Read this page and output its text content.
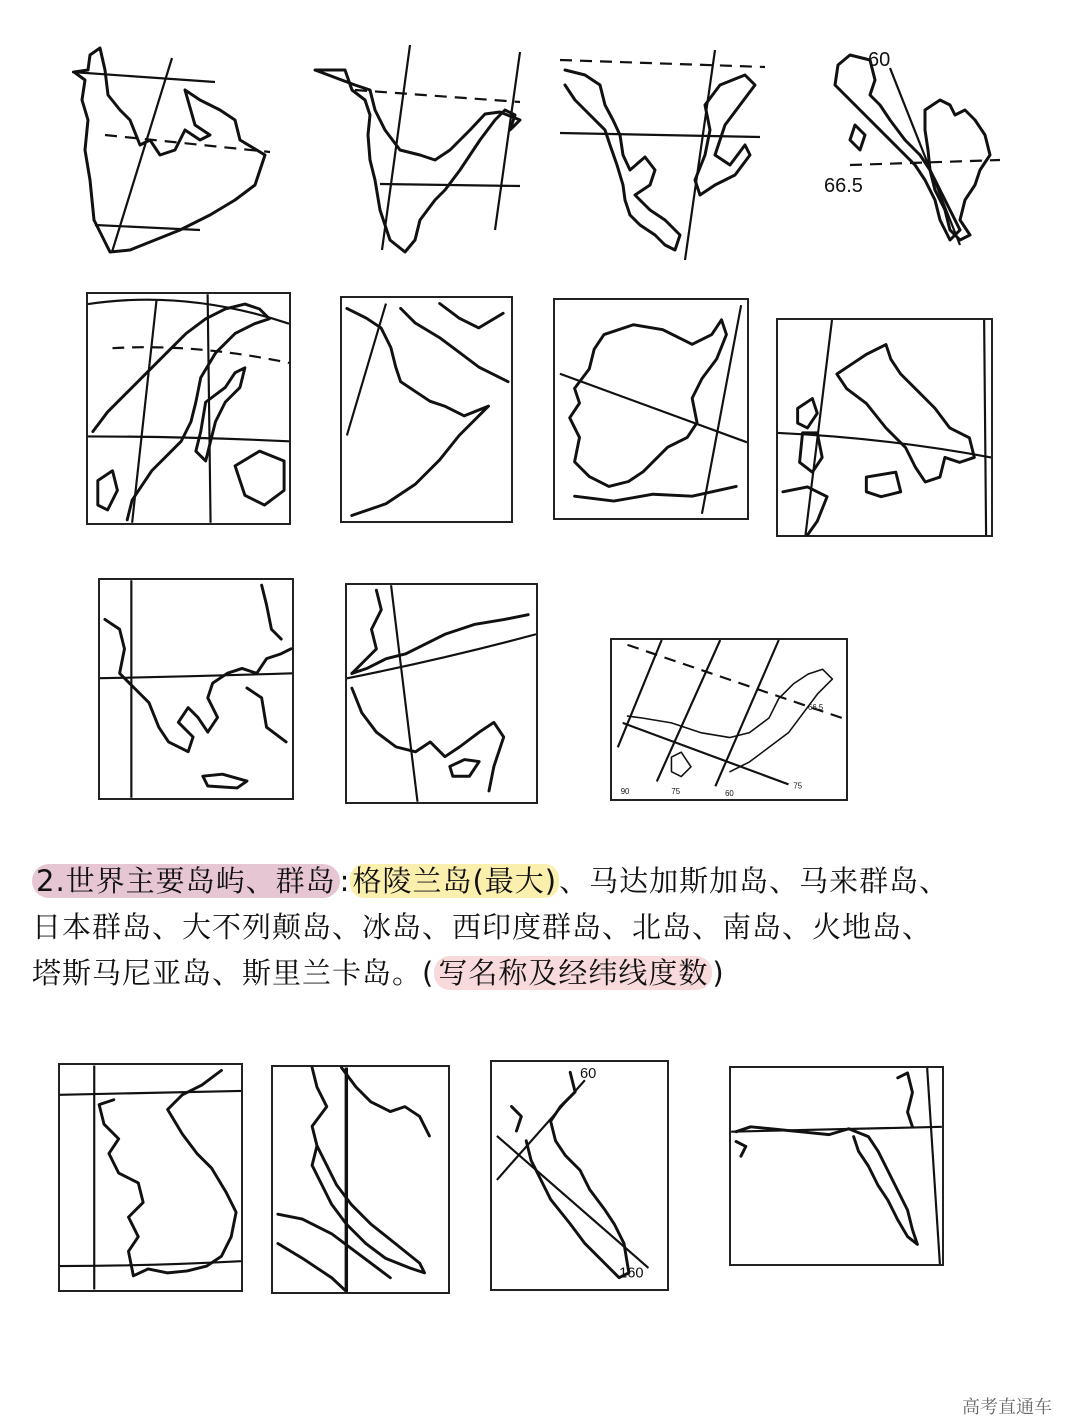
60
66.5
66.5
90	75	60
75
2.世界主要岛屿、群岛 :格陵兰岛(最大)、马达加斯加岛、马来群岛、
日本群岛、大不列颠岛、冰岛、西印度群岛、北岛、南岛、火地岛、
塔斯马尼亚岛、斯里兰卡岛。( 写名称及经纬线度数 )
60
160
高考直通车
